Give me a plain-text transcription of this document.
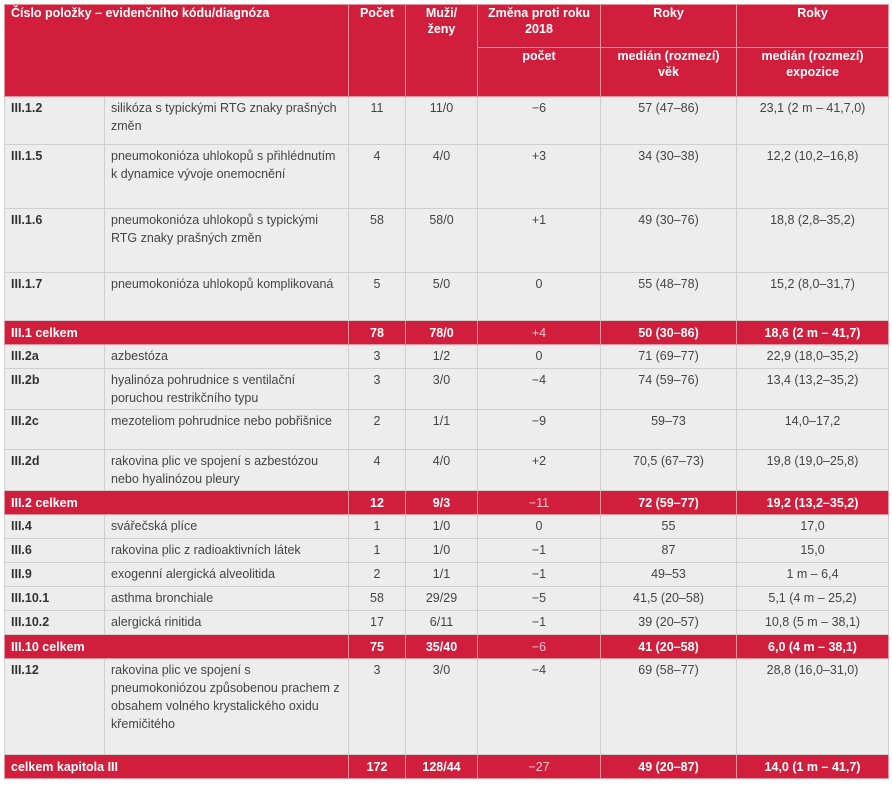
Číslo položky – evidenčního kódu/diagnóza		Počet	Muži/ženy	Změna proti roku 2018	Roky	Roky
				počet	medián (rozmezí) věk	medián (rozmezí) expozice
III.1.2	silikóza s typickými RTG znaky prašných změn	11	11/0	−6	57 (47–86)	23,1 (2 m – 41,7,0)
III.1.5	pneumokonióza uhlokopů s přihlédnutím k dynamice vývoje onemocnění	4	4/0	+3	34 (30–38)	12,2 (10,2–16,8)
III.1.6	pneumokonióza uhlokopů s typickými RTG znaky prašných změn	58	58/0	+1	49 (30–76)	18,8 (2,8–35,2)
III.1.7	pneumokonióza uhlokopů komplikovaná	5	5/0	0	55 (48–78)	15,2 (8,0–31,7)
III.1 celkem		78	78/0	+4	50 (30–86)	18,6 (2 m – 41,7)
III.2a	azbestóza	3	1/2	0	71 (69–77)	22,9 (18,0–35,2)
III.2b	hyalinóza pohrudnice s ventilační poruchou restrikčního typu	3	3/0	−4	74 (59–76)	13,4 (13,2–35,2)
III.2c	mezoteliom pohrudnice nebo pobřišnice	2	1/1	−9	59–73	14,0–17,2
III.2d	rakovina plic ve spojení s azbestózou nebo hyalinózou pleury	4	4/0	+2	70,5 (67–73)	19,8 (19,0–25,8)
III.2 celkem		12	9/3	−11	72 (59–77)	19,2 (13,2–35,2)
III.4	svářečská plíce	1	1/0	0	55	17,0
III.6	rakovina plic z radioaktivních látek	1	1/0	−1	87	15,0
III.9	exogenní alergická alveolitida	2	1/1	−1	49–53	1 m – 6,4
III.10.1	asthma bronchiale	58	29/29	−5	41,5 (20–58)	5,1 (4 m – 25,2)
III.10.2	alergická rinitida	17	6/11	−1	39 (20–57)	10,8 (5 m – 38,1)
III.10 celkem		75	35/40	−6	41 (20–58)	6,0 (4 m – 38,1)
III.12	rakovina plic ve spojení s pneumokoniózou způsobenou prachem z obsahem volného krystalického oxidu křemičitého	3	3/0	−4	69 (58–77)	28,8 (16,0–31,0)
celkem kapitola III		172	128/44	−27	49 (20–87)	14,0 (1 m – 41,7)
